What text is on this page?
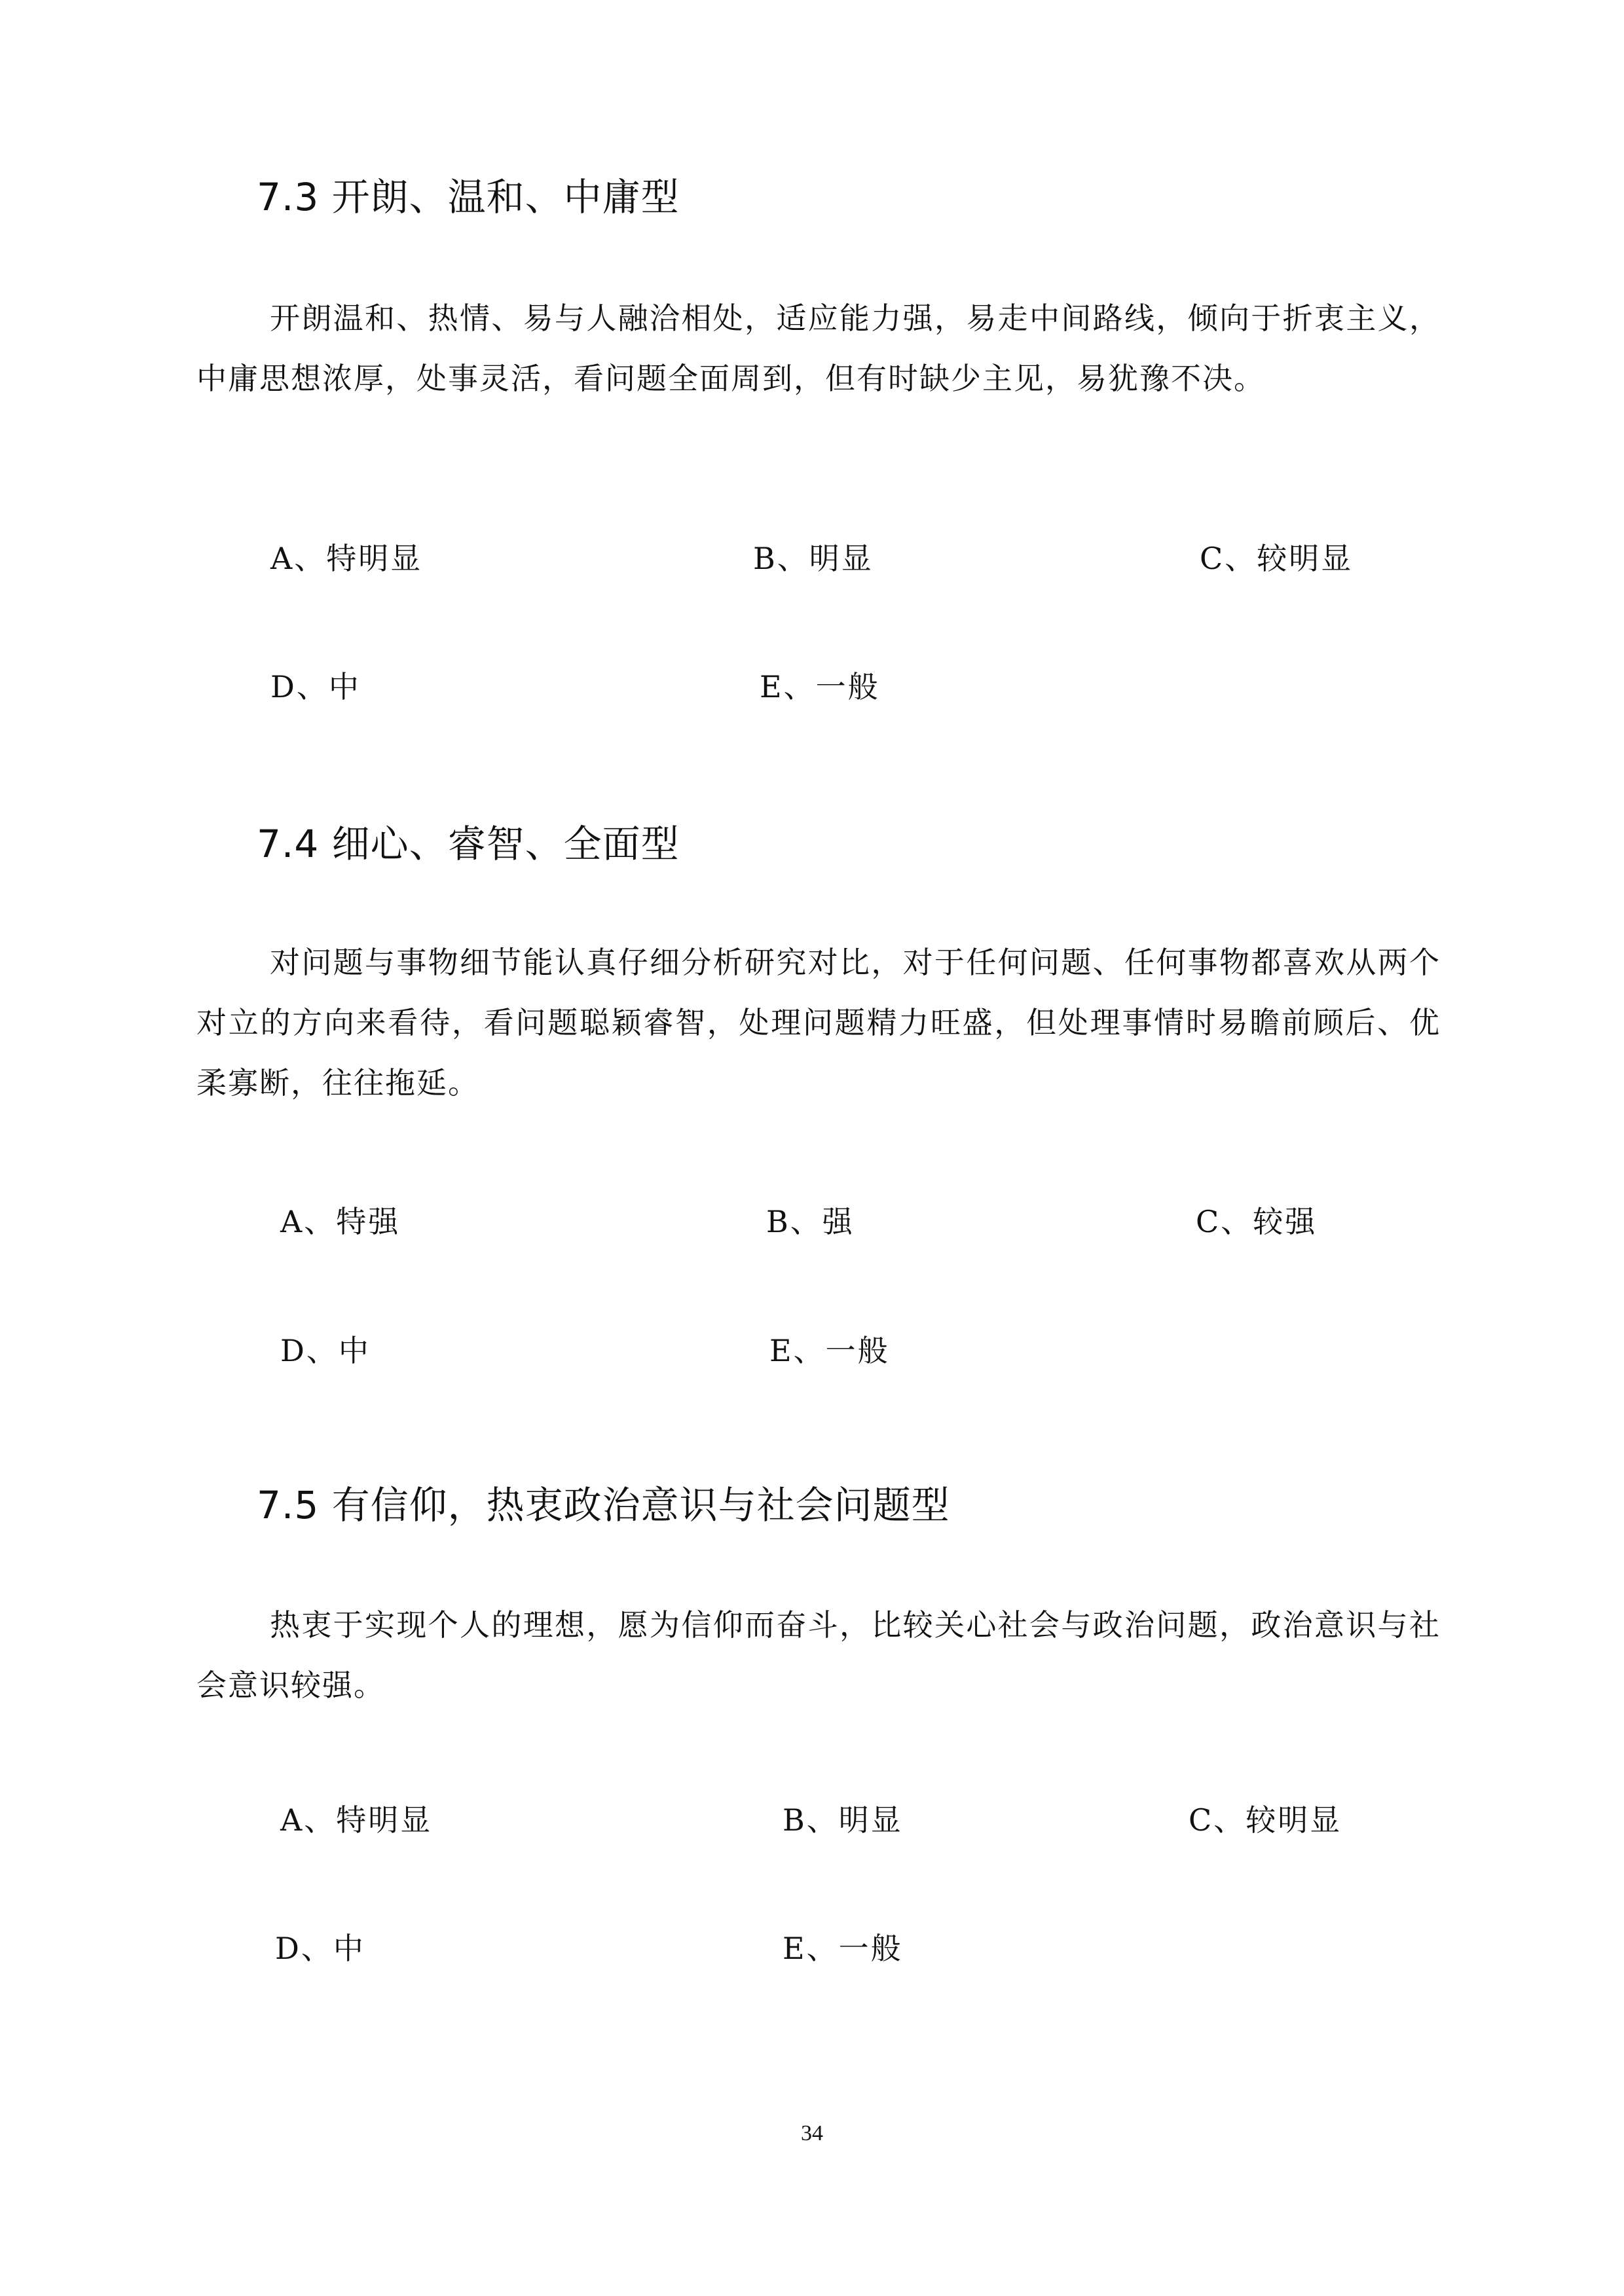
7.3 开朗、温和、中庸型

开朗温和、热情、易与人融洽相处，适应能力强，易走中间路线，倾向于折衷主义，中庸思想浓厚，处事灵活，看问题全面周到，但有时缺少主见，易犹豫不决。

A、特明显	B、明显	C、较明显
D、中	E、一般
7.4 细心、睿智、全面型

对问题与事物细节能认真仔细分析研究对比，对于任何问题、任何事物都喜欢从两个对立的方向来看待，看问题聪颖睿智，处理问题精力旺盛，但处理事情时易瞻前顾后、优柔寡断，往往拖延。

A、特强	B、强	C、较强
D、中	E、一般
7.5 有信仰，热衷政治意识与社会问题型

热衷于实现个人的理想，愿为信仰而奋斗，比较关心社会与政治问题，政治意识与社会意识较强。

A、特明显	B、明显	C、较明显
D、中	E、一般
34
